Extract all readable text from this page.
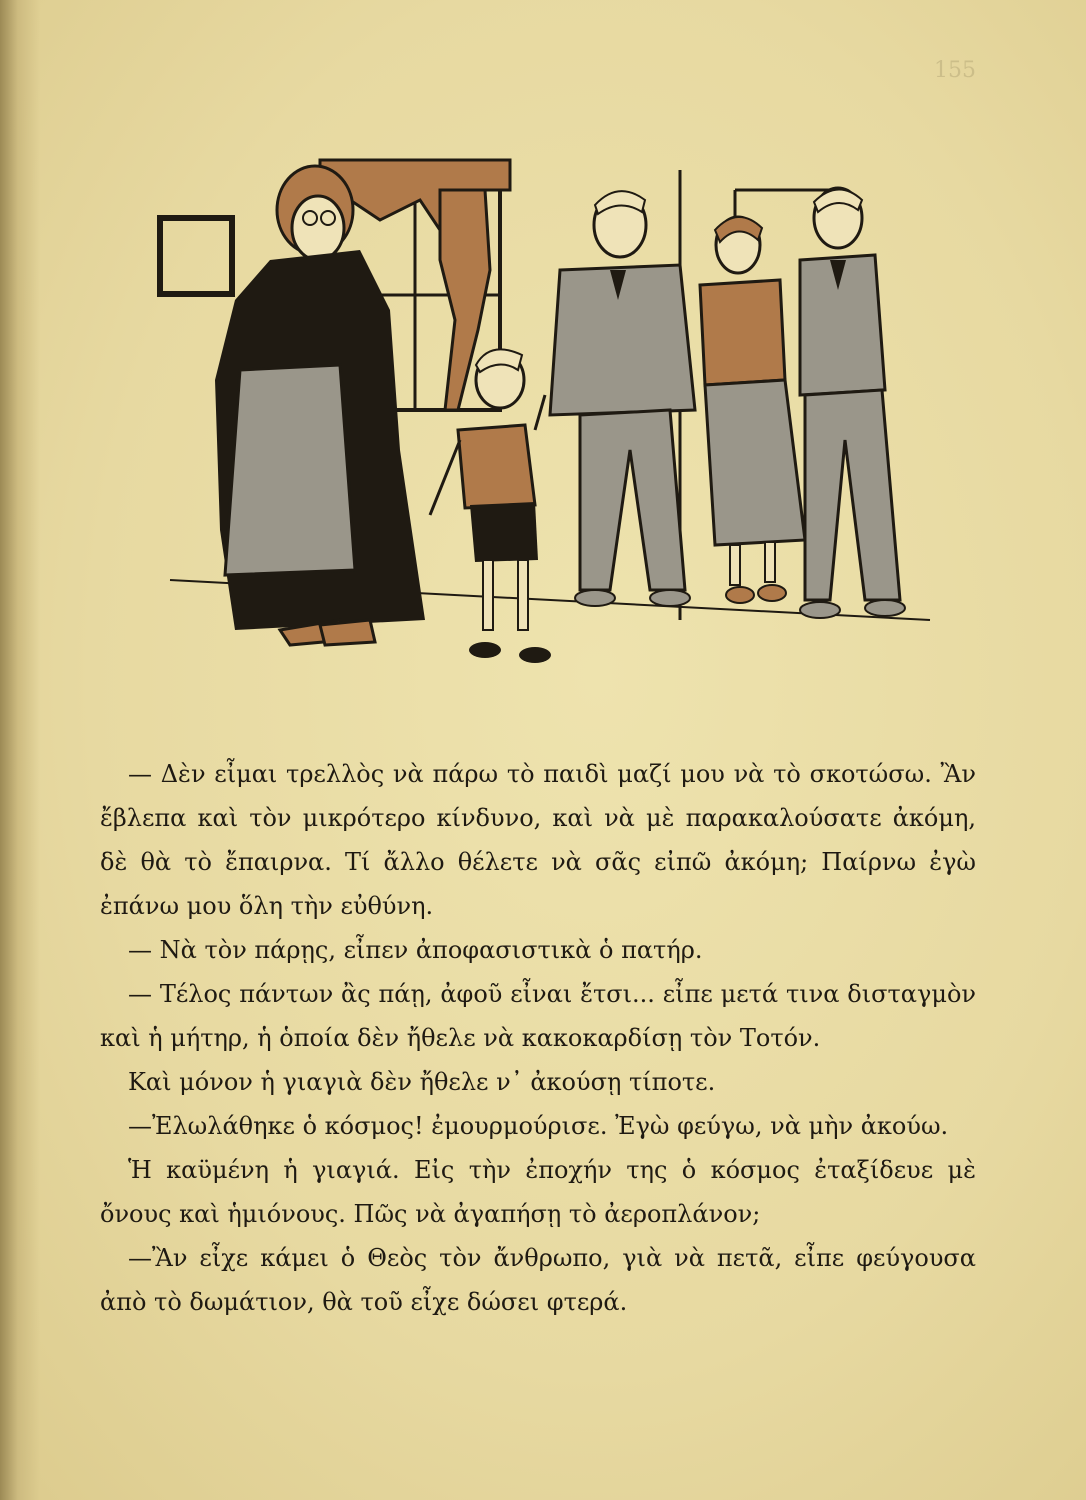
— Δὲν εἶμαι τρελλὸς νὰ πάρω τὸ παιδὶ μαζί μου νὰ τὸ σκοτώσω. Ἂν ἔβλεπα καὶ τὸν μικρότερο κίνδυνο, καὶ νὰ μὲ παρακαλούσατε ἀκόμη, δὲ θὰ τὸ ἔπαιρνα. Τί ἄλλο θέλετε νὰ σᾶς εἰπῶ ἀκόμη; Παίρνω ἐγὼ ἐπάνω μου ὅλη τὴν εὐθύνη.

— Νὰ τὸν πάρῃς, εἶπεν ἀποφασιστικὰ ὁ πατήρ.

— Τέλος πάντων ἂς πάῃ, ἀφοῦ εἶναι ἔτσι... εἶπε μετά τινα δισταγμὸν καὶ ἡ μήτηρ, ἡ ὁποία δὲν ἤθελε νὰ κακοκαρδίσῃ τὸν Τοτόν.

Καὶ μόνον ἡ γιαγιὰ δὲν ἤθελε ν᾽ ἀκούσῃ τίποτε.

—Ἐλωλάθηκε ὁ κόσμος! ἐμουρμούρισε. Ἐγὼ φεύγω, νὰ μὴν ἀκούω.

Ἡ καϋμένη ἡ γιαγιά. Εἰς τὴν ἐποχήν της ὁ κόσμος ἐταξίδευε μὲ ὄνους καὶ ἡμιόνους. Πῶς νὰ ἀγαπήσῃ τὸ ἀεροπλάνον;

—Ἂν εἶχε κάμει ὁ Θεὸς τὸν ἄνθρωπο, γιὰ νὰ πετᾶ, εἶπε φεύγουσα ἀπὸ τὸ δωμάτιον, θὰ τοῦ εἶχε δώσει φτερά.

155
